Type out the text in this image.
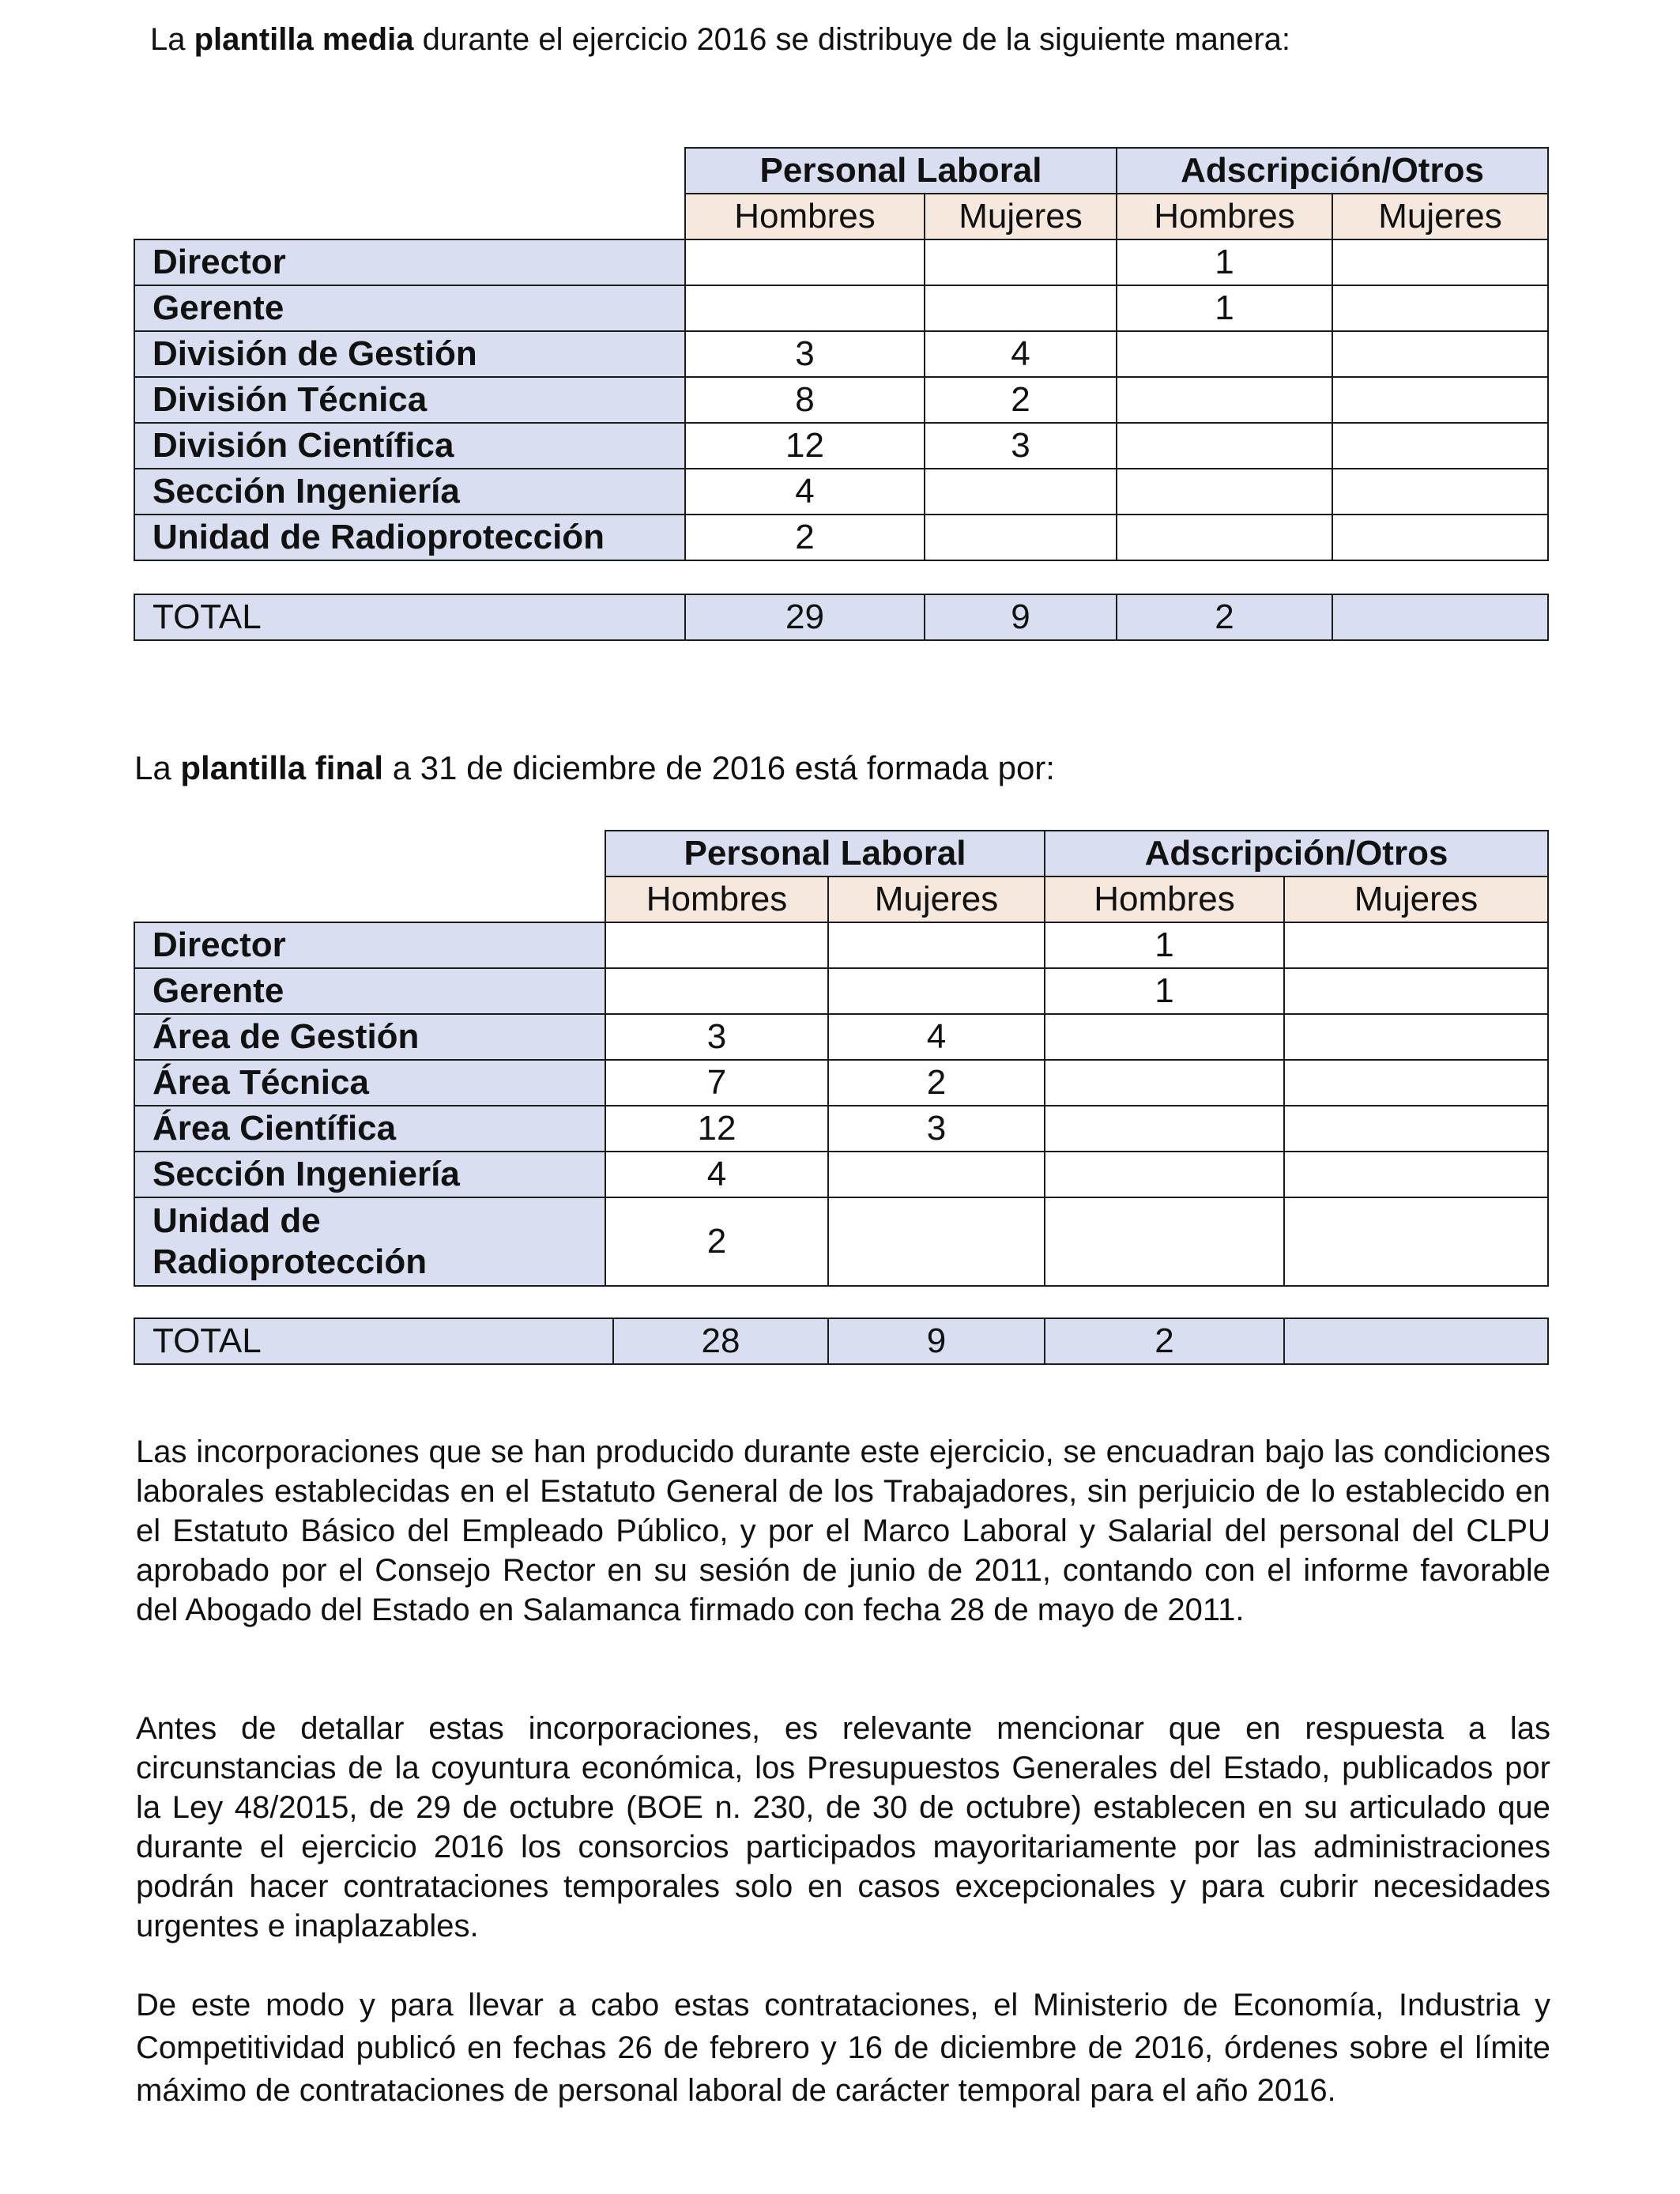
La plantilla media durante el ejercicio 2016 se distribuye de la siguiente manera:
	Personal Laboral		Adscripción/Otros	
	Hombres	Mujeres	Hombres	Mujeres
Director			1	
Gerente			1	
División de Gestión	3	4		
División Técnica	8	2		
División Científica	12	3		
Sección Ingeniería	4			
Unidad de Radioprotección	2			
TOTAL	29	9	2	
La plantilla final a 31 de diciembre de 2016 está formada por:
	Personal Laboral		Adscripción/Otros	
	Hombres	Mujeres	Hombres	Mujeres
Director			1	
Gerente			1	
Área de Gestión	3	4		
Área Técnica	7	2		
Área Científica	12	3		
Sección Ingeniería	4			
Unidad de Radioprotección	2			
TOTAL	28	9	2	

Las incorporaciones que se han producido durante este ejercicio, se encuadran bajo las condiciones laborales establecidas en el Estatuto General de los Trabajadores, sin perjuicio de lo establecido en el Estatuto Básico del Empleado Público, y por el Marco Laboral y Salarial del personal del CLPU aprobado por el Consejo Rector en su sesión de junio de 2011, contando con el informe favorable del Abogado del Estado en Salamanca firmado con fecha 28 de mayo de 2011.

Antes de detallar estas incorporaciones, es relevante mencionar que en respuesta a las circunstancias de la coyuntura económica, los Presupuestos Generales del Estado, publicados por la Ley 48/2015, de 29 de octubre (BOE n. 230, de 30 de octubre) establecen en su articulado que durante el ejercicio 2016 los consorcios participados mayoritariamente por las administraciones podrán hacer contrataciones temporales solo en casos excepcionales y para cubrir necesidades urgentes e inaplazables.

De este modo y para llevar a cabo estas contrataciones, el Ministerio de Economía, Industria y Competitividad publicó en fechas 26 de febrero y 16 de diciembre de 2016, órdenes sobre el límite máximo de contrataciones de personal laboral de carácter temporal para el año 2016.
